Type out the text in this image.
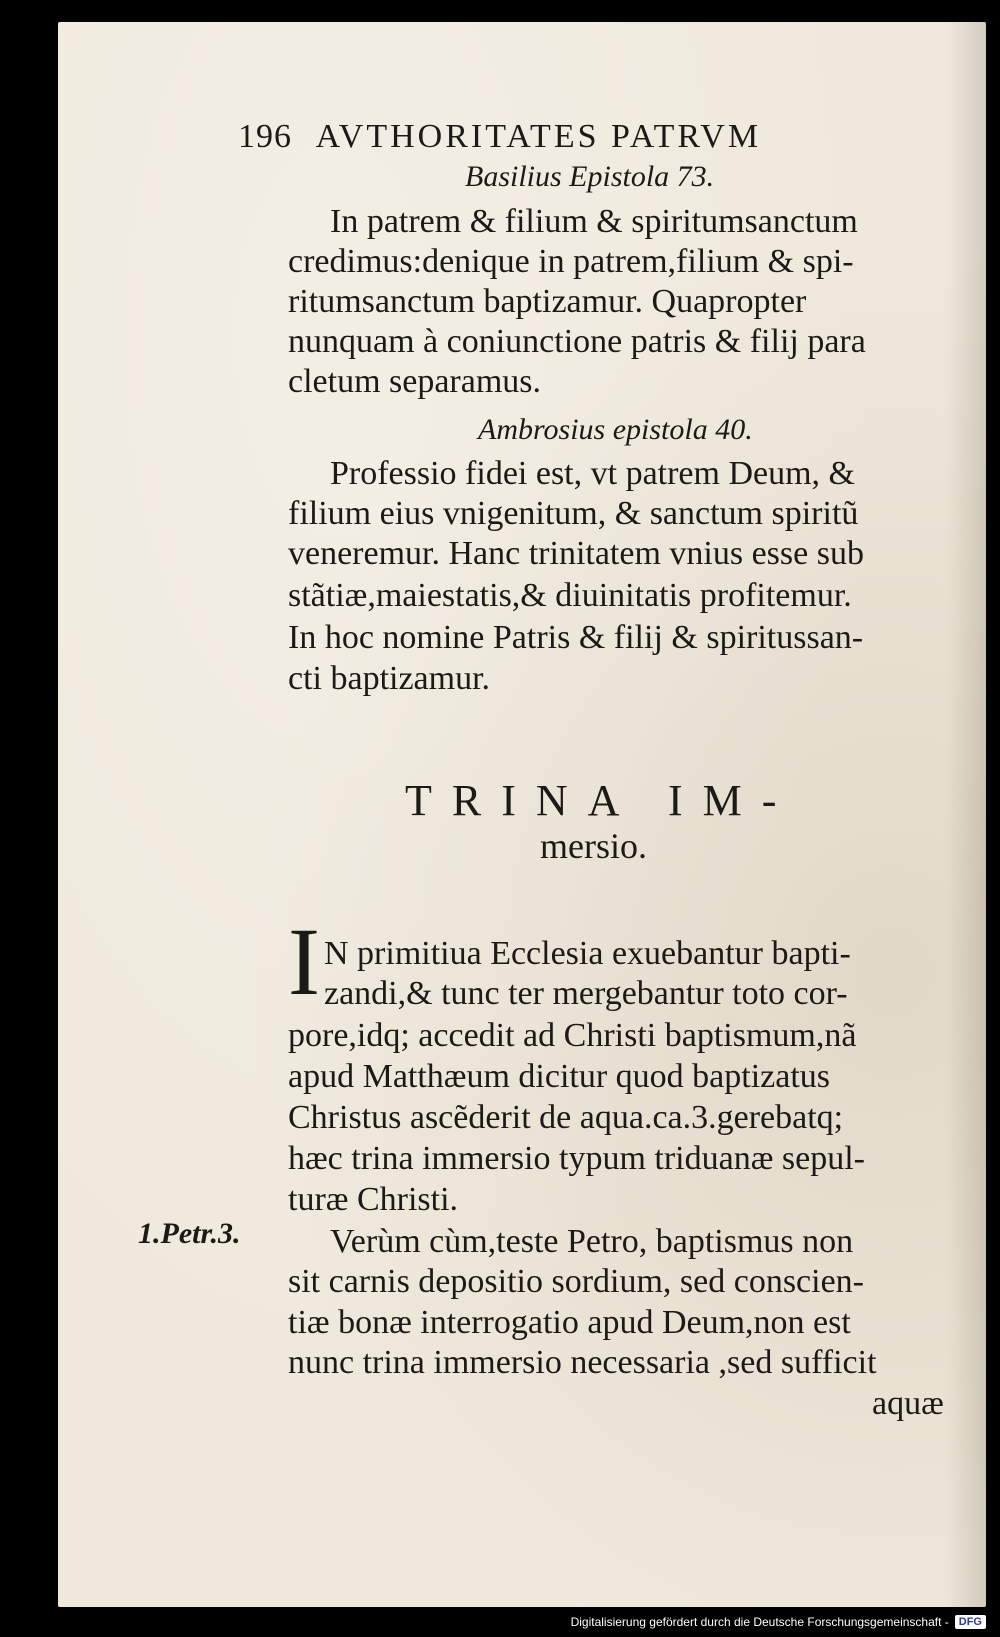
196 AVTHORITATES PATRVM
Basilius Epistola 73.
In patrem & filium & spiritumsanctum
credimus:denique in patrem,filium & spi-
ritumsanctum baptizamur. Quapropter
nunquam à coniunctione patris & filij para
cletum separamus.
Ambrosius epistola 40.
Professio fidei est, vt patrem Deum, &
filium eius vnigenitum, & sanctum spiritũ
veneremur. Hanc trinitatem vnius esse sub
stãtiæ,maiestatis,& diuinitatis profitemur.
In hoc nomine Patris & filij & spiritussan-
cti baptizamur.
TRINA IM-
mersio.
I N primitiua Ecclesia exuebantur bapti-
zandi,& tunc ter mergebantur toto cor-
pore,idq; accedit ad Christi baptismum,nã
apud Matthæum dicitur quod baptizatus
Christus ascẽderit de aqua.ca.3.gerebatq;
hæc trina immersio typum triduanæ sepul-
turæ Christi.
1.Petr.3.	Verùm cùm,teste Petro, baptismus non
sit carnis depositio sordium, sed conscien-
tiæ bonæ interrogatio apud Deum,non est
nunc trina immersio necessaria ,sed sufficit
aquæ
Digitalisierung gefördert durch die Deutsche Forschungsgemeinschaft - DFG
